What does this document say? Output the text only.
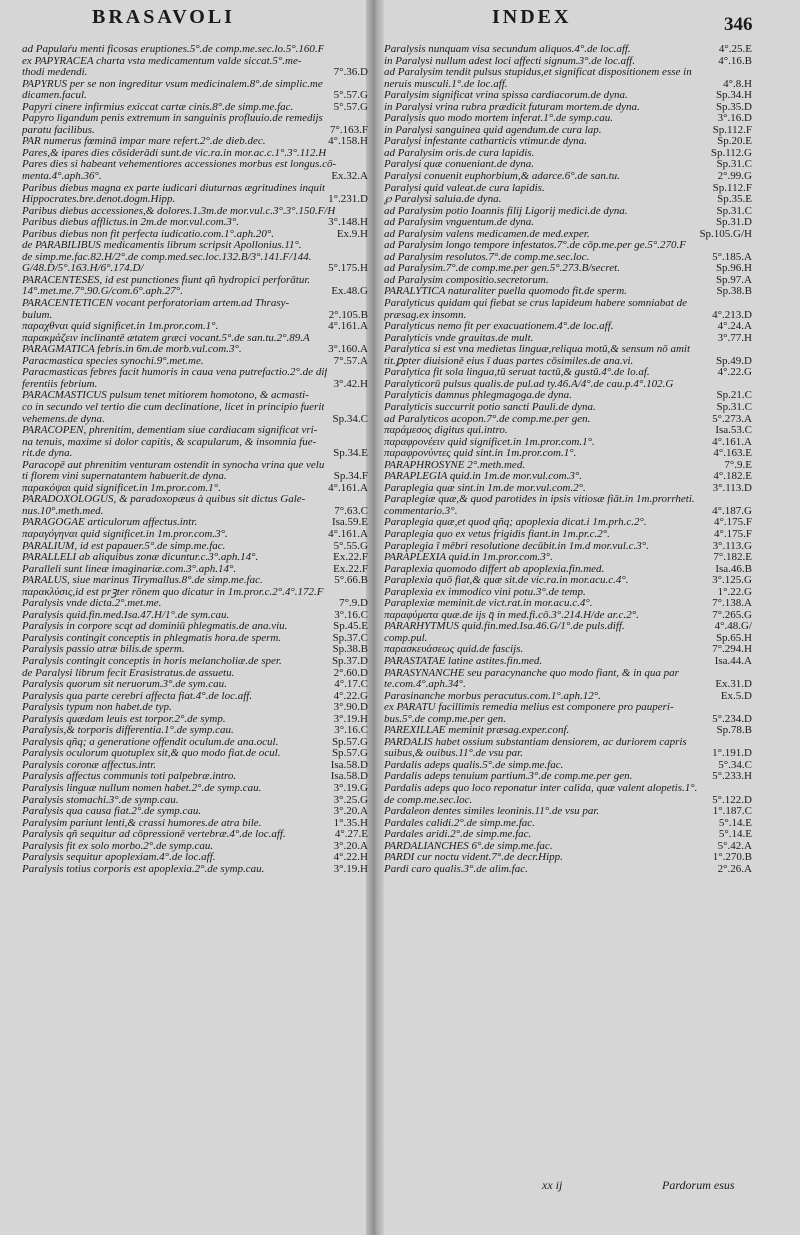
BRASAVOLI	INDEX	346
ad Papulaŕu menti ficosas eruptiones.5°.de comp.me.sec.lo.5°.160.F
ex PAPYRACEA charta vsta medicamentum valde siccat.5°.me-
thodi medendi.	7°.36.D
PAPYRUS per se non ingreditur vsum medicinalem.8°.de simplic.me
dicamen.facul.	5°.57.G
Papyri cinere infirmius exiccat cartæ cinis.8°.de simp.me.fac.	5°.57.G
Papyro ligandum penis extremum in sanguinis profluuio.de remedijs
paratu facilibus.	7°.163.F
PAR numerus fœminā impar mare refert.2°.de dieb.dec.	4°.158.H
Pares,& ipares dies cōsiderādi sunt.de vic.ra.in mor.ac.c.1°.3°.112.H
Pares dies si habeant vehementiores accessiones morbus est longus.cō-
menta.4°.aph.36°.	Ex.32.A
Paribus diebus magna ex parte iudicari diuturnas ægritudines inquit
Hippocrates.bre.denot.dogm.Hipp.	1°.231.D
Paribus diebus accessiones,& dolores.1.3m.de mor.vul.c.3°.3°.150.F/H
Paribus diebus afflictus.in 2m.de mor.vul.com.3°.	3°.148.H
Paribus diebus non fit perfecta iudicatio.com.1°.aph.20°.	Ex.9.H
de PARABILIBUS medicamentis librum scripsit Apollonius.11°.
de simp.me.fac.82.H/2°.de comp.med.sec.loc.132.B/3°.141.F/144.
G/48.D/5°.163.H/6°.174.D/	5°.175.H
PARACENTESES, id est punctiones fiunt qñ hydropici perforātur.
14°.met.me.7°.90.G/com.6°.aph.27°.	Ex.48.G
PARACENTETICEN vocant perforatoriam artem.ad Thrasy-
bulum.	2°.105.B
παραχθναι quid significet.in 1m.pror.com.1°.	4°.161.A
παρακμάζειν inclinantē ætatem græci vocant.5°.de san.tu.2°.89.A
PARAGMATICA febris.in 6m.de morb.vul.com.3°.	3°.160.A
Paracmastica species synochi.9°.met.me.	7°.57.A
Paracmasticas febres facit humoris in caua vena putrefactio.2°.de dif
ferentiis febrium.	3°.42.H
PARACMASTICUS pulsum tenet mitiorem homotono, & acmasti-
co in secundo vel tertio die cum declinatione, licet in principio fuerit
vehemens.de dyna.	Sp.34.C
PARACOPEN, phrenitim, dementiam siue cardiacam significat vri-
na tenuis, maxime si dolor capitis, & scapularum, & insomnia fue-
rit.de dyna.	Sp.34.E
Paracopē aut phrenitim venturam ostendit in synocha vrina que velu
ti florem vini supernatantem habuerit.de dyna.	Sp.34.F
παρακόψαι quid significet.in 1m.pror.com.1°.	4°.161.A
PARADOXOLOGUS, & paradoxopæus à quibus sit dictus Gale-
nus.10°.meth.med.	7°.63.C
PARAGOGAE articulorum affectus.intr.	Isa.59.E
παραγόγηναι quid significet.in 1m.pror.com.3°.	4°.161.A
PARALIUM, id est papauer.5°.de simp.me.fac.	5°.55.G
PARALLELI ab aliquibus zonæ dicuntur.c.3°.aph.14°.	Ex.22.F
Paralleli sunt lineæ imaginariæ.com.3°.aph.14°.	Ex.22.F
PARALUS, siue marinus Tirymallus.8°.de simp.me.fac.	5°.66.B
παρακλύσις,id est prꝫter rōnem quo dicatur in 1m.pror.c.2°.4°.172.F
Paralysis vnde dicta.2°.met.me.	7°.9.D
Paralysis quid.fin.med.Isa.47.H/1°.de sym.cau.	3°.16.C
Paralysis in corpore scqt ad dominiū phlegmatis.de ana.viu.	Sp.45.E
Paralysis contingit conceptis in phlegmatis hora.de sperm.	Sp.37.C
Paralysis passio atræ bilis.de sperm.	Sp.38.B
Paralysis contingit conceptis in horis melancholiæ.de sper.	Sp.37.D
de Paralysi librum fecit Erasistratus.de assuetu.	2°.60.D
Paralysis quorum sit neruorum.3°.de sym.cau.	4°.17.C
Paralysis qua parte cerebri affecta fiat.4°.de loc.aff.	4°.22.G
Paralysis typum non habet.de typ.	3°.90.D
Paralysis quædam leuis est torpor.2°.de symp.	3°.19.H
Paralysis,& torporis differentia.1°.de symp.cau.	3°.16.C
Paralysis qñq; a generatione offendit oculum.de ana.ocul.	Sp.57.G
Paralysis oculorum quotuplex sit,& quo modo fiat.de ocul.	Sp.57.G
Paralysis coronæ affectus.intr.	Isa.58.D
Paralysis affectus communis toti palpebræ.intro.	Isa.58.D
Paralysis linguæ nullum nomen habet.2°.de symp.cau.	3°.19.G
Paralysis stomachi.3°.de symp.cau.	3°.25.G
Paralysis qua causa fiat.2°.de symp.cau.	3°.20.A
Paralysim pariunt lenti,& crassi humores.de atra bile.	1°.35.H
Paralysis qñ sequitur ad cōpressionē vertebræ.4°.de loc.aff.	4°.27.E
Paralysis fit ex solo morbo.2°.de symp.cau.	3°.20.A
Paralysis sequitur apoplexiam.4°.de loc.aff.	4°.22.H
Paralysis totius corporis est apoplexia.2°.de symp.cau.	3°.19.H
Paralysis nunquam visa secundum aliquos.4°.de loc.aff.	4°.25.E
in Paralysi nullum adest loci affecti signum.3°.de loc.aff.	4°.16.B
ad Paralysim tendit pulsus stupidus,et significat dispositionem esse in
neruis musculi.1°.de loc.aff.	4°.8.H
Paralysim significat vrina spissa cardiacorum.de dyna.	Sp.34.H
in Paralysi vrina rubra prædicit futuram mortem.de dyna.	Sp.35.D
Paralysis quo modo mortem inferat.1°.de symp.cau.	3°.16.D
in Paralysi sanguinea quid agendum.de cura lap.	Sp.112.F
Paralysi infestante catharticis vtimur.de dyna.	Sp.20.E
ad Paralysim oris.de cura lapidis.	Sp.112.G
Paralysi quæ conueniant.de dyna.	Sp.31.C
Paralysi conuenit euphorbium,& adarce.6°.de san.tu.	2°.99.G
Paralysi quid valeat.de cura lapidis.	Sp.112.F
℘ Paralysi saluia.de dyna.	Sp.35.E
ad Paralysim potio Ioannis filij Ligorij medici.de dyna.	Sp.31.C
ad Paralysim vnguentum.de dyna.	Sp.31.D
ad Paralysim valens medicamen.de med.exper.	Sp.105.G/H
ad Paralysim longo tempore infestatos.7°.de cōp.me.per ge.5°.270.F
ad Paralysim resolutos.7°.de comp.me.sec.loc.	5°.185.A
ad Paralysim.7°.de comp.me.per gen.5°.273.B/secret.	Sp.96.H
ad Paralysim compositio.secretorum.	Sp.97.A
PARALYTICA naturaliter puella quomodo fit.de sperm.	Sp.38.B
Paralyticus quidam qui fiebat se crus lapideum habere somniabat de
præsag.ex insomn.	4°.213.D
Paralyticus nemo fit per exacuationem.4°.de loc.aff.	4°.24.A
Paralyticis vnde grauitas.de mult.	3°.77.H
Paralytica si est vna medietas linguæ,reliqua motū,& sensum nō amit
tit.ꝑpter diuisionē eius ī duas partes cōsimiles.de ana.vi.	Sp.49.D
Paralytica fit sola lingua,tū seruat tactū,& gustū.4°.de lo.af.	4°.22.G
Paralyticorū pulsus qualis.de pul.ad ty.46.A/4°.de cau.p.4°.102.G
Paralyticis damnus phlegmagoga.de dyna.	Sp.21.C
Paralyticis succurrit potio sancti Pauli.de dyna.	Sp.31.C
ad Paralyticos acopon.7°.de comp.me.per gen.	5°.273.A
παράμεσος digitus qui.intro.	Isa.53.C
παραφρονέειν quid significet.in 1m.pror.com.1°.	4°.161.A
παραφρονύντες quid sint.in 1m.pror.com.1°.	4°.163.E
PARAPHROSYNE 2°.meth.med.	7°.9.E
PARAPLEGIA quid.in 1m.de mor.vul.com.3°.	4°.182.E
Paraplegia quæ sint.in 1m.de mor.vul.com.2°.	3°.113.D
Paraplegiæ quæ,& quod parotides in ipsis vitiosæ fiāt.in 1m.prorrheti.
commentario.3°.	4°.187.G
Paraplegia quæ,et quod qñq; apoplexia dicat.i 1m.prh.c.2°.	4°.175.F
Paraplegia quo ex vetus frigidis fiant.in 1m.pr.c.2°.	4°.175.F
Paraplegia ī mēbri resolutione decūbit.in 1m.d mor.vul.c.3°.	3°.113.G
PARAPLEXIA quid.in 1m.pror.com.3°.	7°.182.E
Paraplexia quomodo differt ab apoplexia.fin.med.	Isa.46.B
Paraplexia quō fiat,& quæ sit.de vic.ra.in mor.acu.c.4°.	3°.125.G
Paraplexia ex immodico vini potu.3°.de temp.	1°.22.G
Paraplexiæ meminit.de vict.rat.in mor.acu.c.4°.	7°.138.A
παραφύματα quæ.de ijs q̄ in med.fi.cō.3°.214.H/de ar.c.2°.	7°.265.G
PARARHYTMUS quid.fin.med.Isa.46.G/1°.de puls.diff.	4°.48.G/
comp.pul.	Sp.65.H
παρασκευάσεως quid.de fascijs.	7°.294.H
PARASTATAE latine astites.fin.med.	Isa.44.A
PARASYNANCHE seu paracynanche quo modo fiant, & in qua par
te.com.4°.aph.34°.	Ex.31.D
Parasinanche morbus peracutus.com.1°.aph.12°.	Ex.5.D
ex PARATU facillimis remedia melius est componere pro pauperi-
bus.5°.de comp.me.per gen.	5°.234.D
PAREXILLAE meminit præsag.exper.conf.	Sp.78.B
PARDALIS habet ossium substantiam densiorem, ac duriorem capris
suibus,& ouibus.11°.de vsu par.	1°.191.D
Pardalis adeps qualis.5°.de simp.me.fac.	5°.34.C
Pardalis adeps tenuium partium.3°.de comp.me.per gen.	5°.233.H
Pardalis adeps quo loco reponatur inter calida, quæ valent alopetis.1°.
de comp.me.sec.loc.	5°.122.D
Pardaleon dentes similes leoninis.11°.de vsu par.	1°.187.C
Pardales calidi.2°.de simp.me.fac.	5°.14.E
Pardales aridi.2°.de simp.me.fac.	5°.14.E
PARDALIANCHES 6°.de simp.me.fac.	5°.42.A
PARDI cur noctu vident.7°.de decr.Hipp.	1°.270.B
Pardi caro qualis.3°.de alim.fac.	2°.26.A
xx ij	Pardorum esus
